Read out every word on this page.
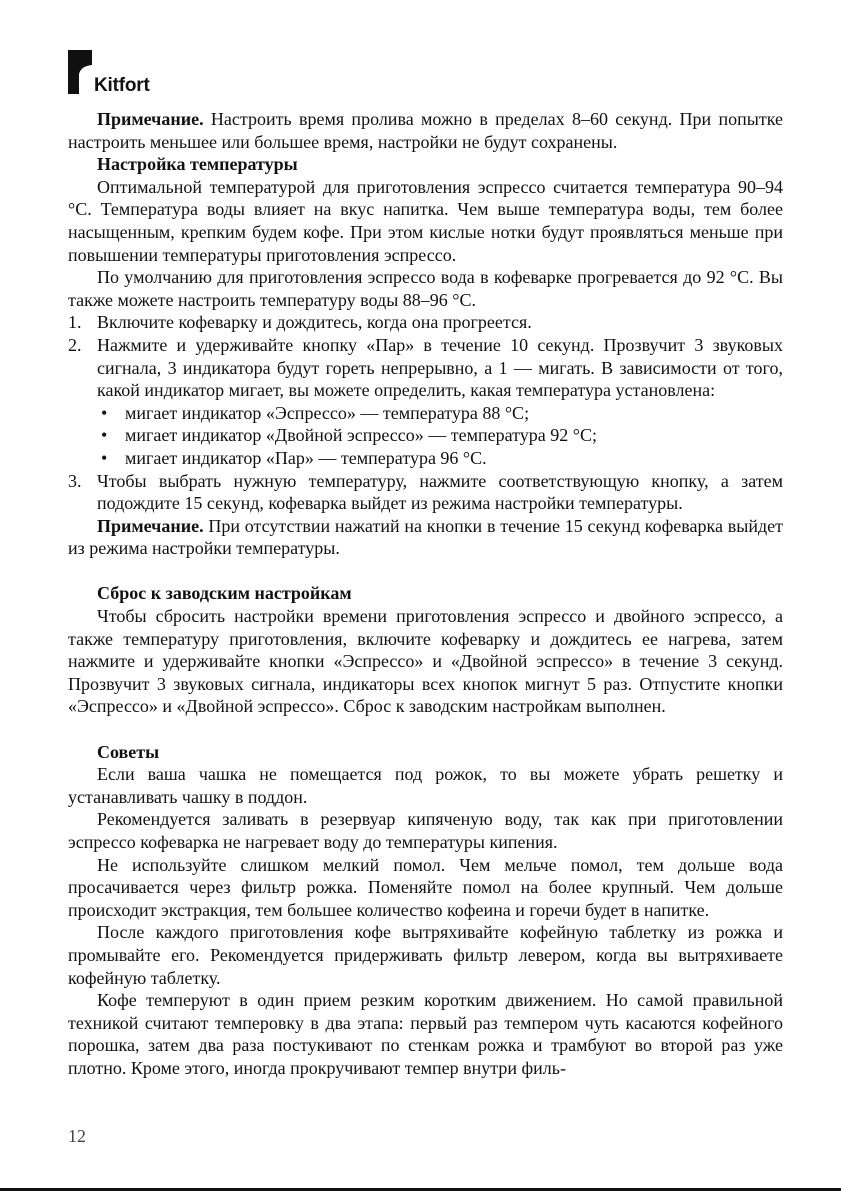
Kitfort

Примечание. Настроить время пролива можно в пределах 8–60 секунд. При попытке настроить меньшее или большее время, настройки не будут сохранены.

Настройка температуры

Оптимальной температурой для приготовления эспрессо считается температура 90–94 °С. Температура воды влияет на вкус напитка. Чем выше температура воды, тем более насыщенным, крепким будем кофе. При этом кислые нотки будут проявляться меньше при повышении температуры приготовления эспрессо.

По умолчанию для приготовления эспрессо вода в кофеварке прогревается до 92 °С. Вы также можете настроить температуру воды 88–96 °С.

1. Включите кофеварку и дождитесь, когда она прогреется.
2. Нажмите и удерживайте кнопку «Пар» в течение 10 секунд. Прозвучит 3 звуковых сигнала, 3 индикатора будут гореть непрерывно, а 1 — мигать. В зависимости от того, какой индикатор мигает, вы можете определить, какая температура установлена:
• мигает индикатор «Эспрессо» — температура 88 °С;
• мигает индикатор «Двойной эспрессо» — температура 92 °С;
• мигает индикатор «Пар» — температура 96 °С.
3. Чтобы выбрать нужную температуру, нажмите соответствующую кнопку, а затем подождите 15 секунд, кофеварка выйдет из режима настройки температуры.

Примечание. При отсутствии нажатий на кнопки в течение 15 секунд кофеварка выйдет из режима настройки температуры.

Сброс к заводским настройкам

Чтобы сбросить настройки времени приготовления эспрессо и двойного эспрессо, а также температуру приготовления, включите кофеварку и дождитесь ее нагрева, затем нажмите и удерживайте кнопки «Эспрессо» и «Двойной эспрессо» в течение 3 секунд. Прозвучит 3 звуковых сигнала, индикаторы всех кнопок мигнут 5 раз. Отпустите кнопки «Эспрессо» и «Двойной эспрессо». Сброс к заводским настройкам выполнен.

Советы

Если ваша чашка не помещается под рожок, то вы можете убрать решетку и устанавливать чашку в поддон.

Рекомендуется заливать в резервуар кипяченую воду, так как при приготовлении эспрессо кофеварка не нагревает воду до температуры кипения.

Не используйте слишком мелкий помол. Чем мельче помол, тем дольше вода просачивается через фильтр рожка. Поменяйте помол на более крупный. Чем дольше происходит экстракция, тем большее количество кофеина и горечи будет в напитке.

После каждого приготовления кофе вытряхивайте кофейную таблетку из рожка и промывайте его. Рекомендуется придерживать фильтр левером, когда вы вытряхиваете кофейную таблетку.

Кофе темперуют в один прием резким коротким движением. Но самой правильной техникой считают темперовку в два этапа: первый раз темпером чуть касаются кофейного порошка, затем два раза постукивают по стенкам рожка и трамбуют во второй раз уже плотно. Кроме этого, иногда прокручивают темпер внутри филь-

12
